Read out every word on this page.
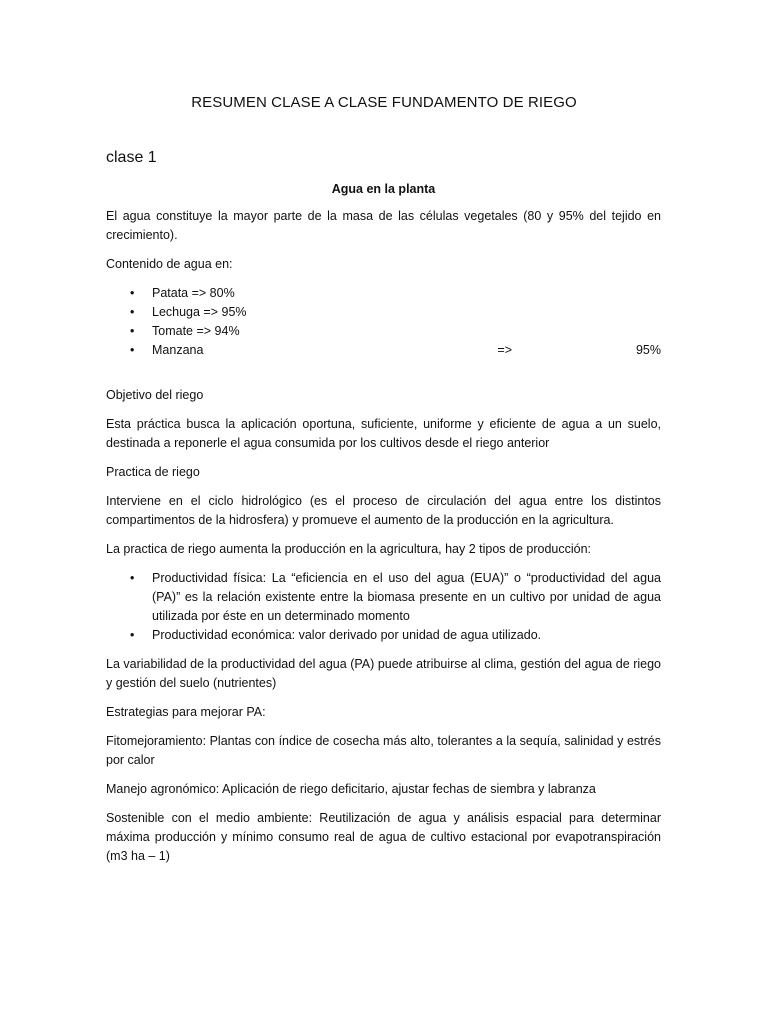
RESUMEN CLASE A CLASE FUNDAMENTO DE RIEGO
clase 1
Agua en la planta

El agua constituye la mayor parte de la masa de las células vegetales (80 y 95% del tejido en crecimiento).

Contenido de agua en:

• Patata => 80%
• Lechuga => 95%
• Tomate => 94%
• Manzana	=>	95%

Objetivo del riego

Esta práctica busca la aplicación oportuna, suficiente, uniforme y eficiente de agua a un suelo, destinada a reponerle el agua consumida por los cultivos desde el riego anterior

Practica de riego

Interviene en el ciclo hidrológico (es el proceso de circulación del agua entre los distintos compartimentos de la hidrosfera) y promueve el aumento de la producción en la agricultura.

La practica de riego aumenta la producción en la agricultura, hay 2 tipos de producción:

• Productividad física: La “eficiencia en el uso del agua (EUA)” o “productividad del agua (PA)” es la relación existente entre la biomasa presente en un cultivo por unidad de agua utilizada por éste en un determinado momento
• Productividad económica: valor derivado por unidad de agua utilizado.

La variabilidad de la productividad del agua (PA) puede atribuirse al clima, gestión del agua de riego y gestión del suelo (nutrientes)

Estrategias para mejorar PA:

Fitomejoramiento: Plantas con índice de cosecha más alto, tolerantes a la sequía, salinidad y estrés por calor

Manejo agronómico: Aplicación de riego deficitario, ajustar fechas de siembra y labranza

Sostenible con el medio ambiente: Reutilización de agua y análisis espacial para determinar máxima producción y mínimo consumo real de agua de cultivo estacional por evapotranspiración (m3 ha – 1)
